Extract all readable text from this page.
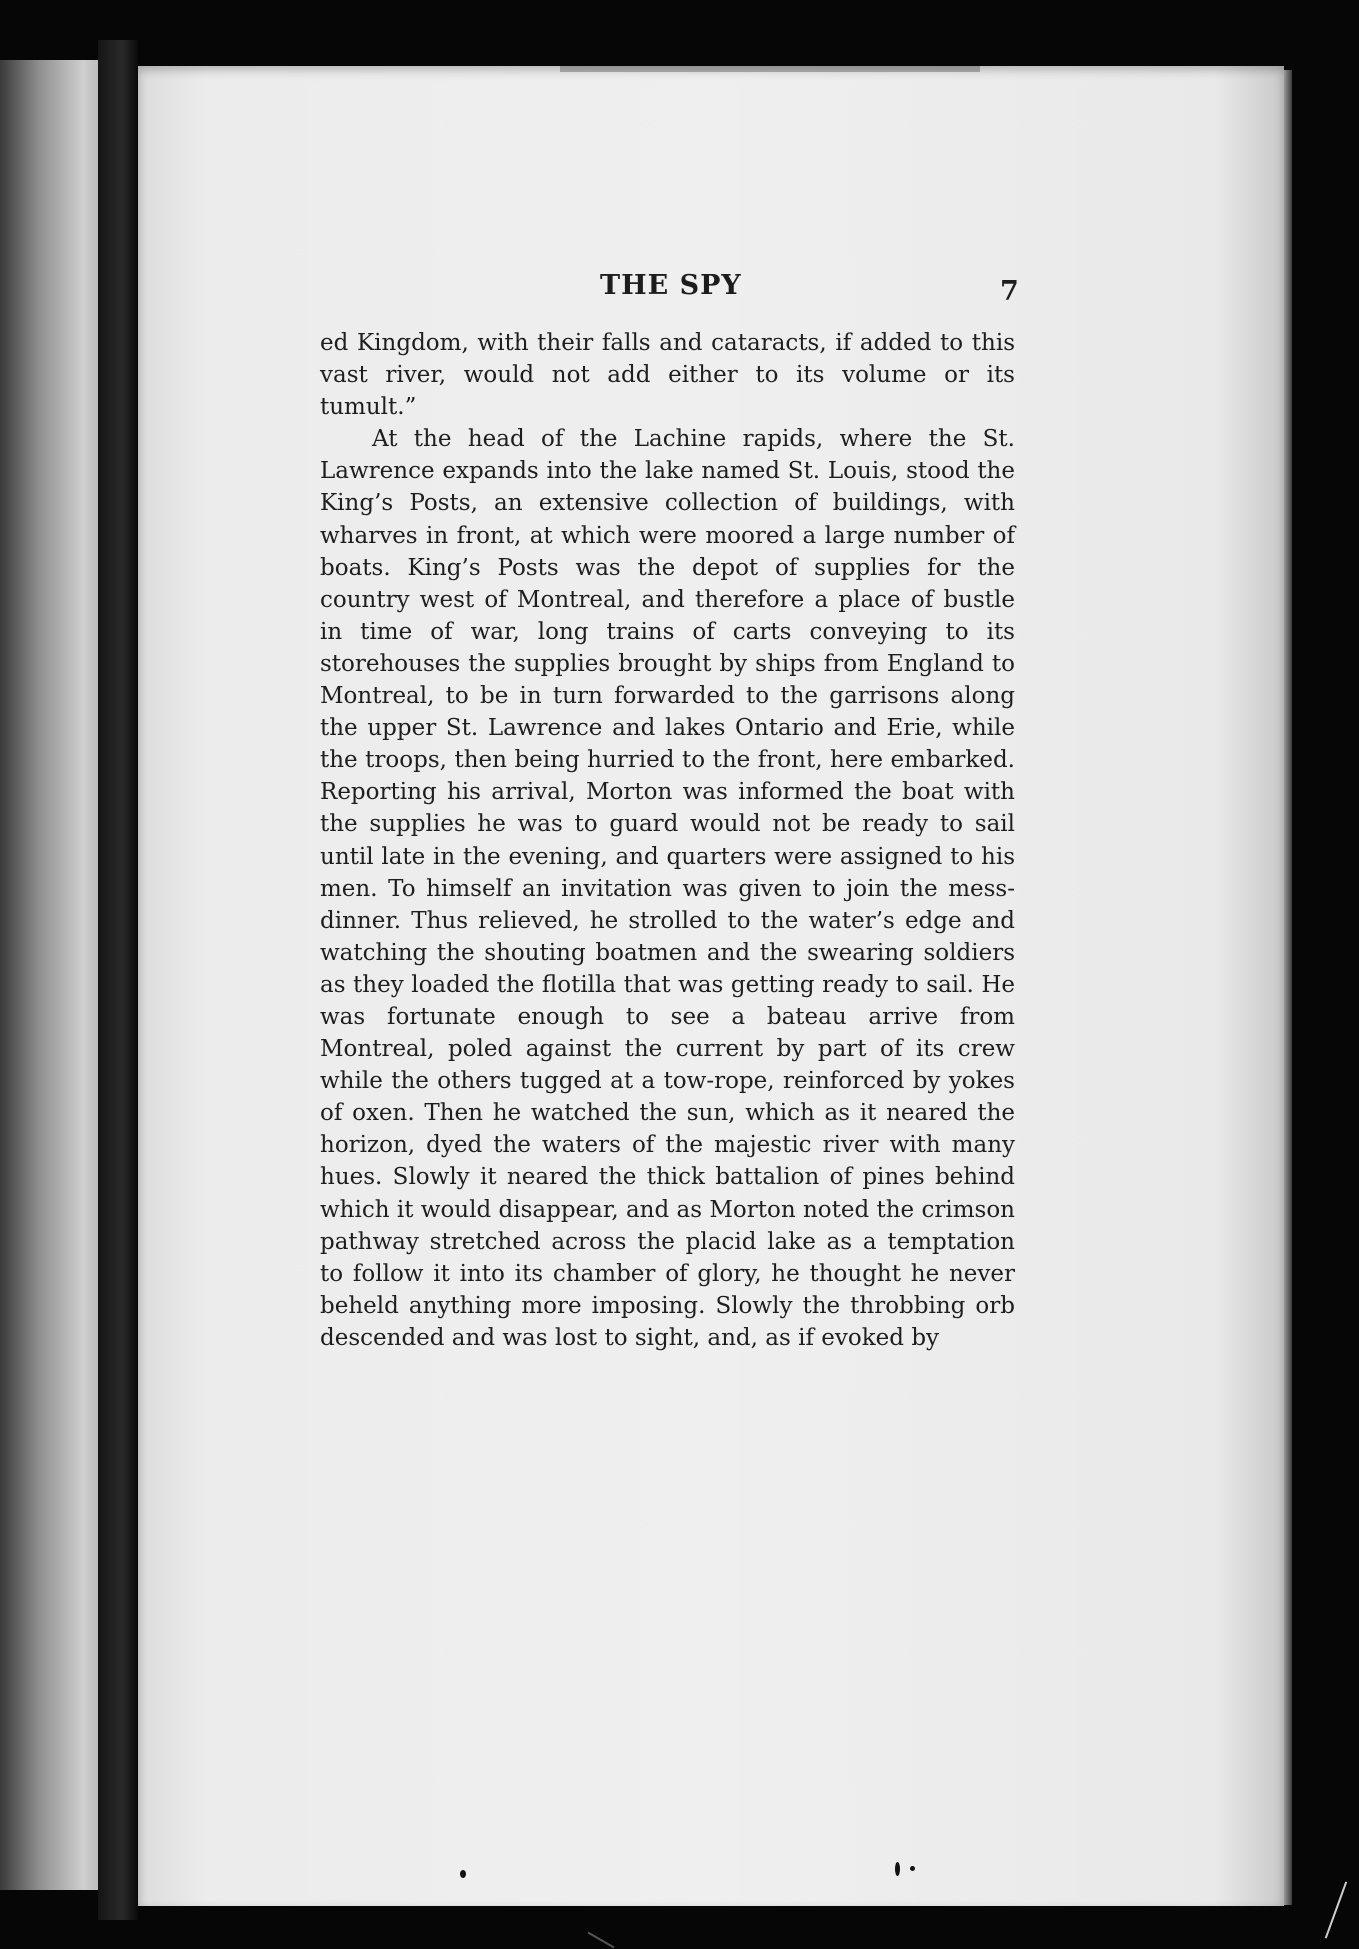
THE SPY	7

ed Kingdom, with their falls and cataracts, if added to this vast river, would not add either to its volume or its tumult.”

At the head of the Lachine rapids, where the St. Lawrence expands into the lake named St. Louis, stood the King’s Posts, an extensive collection of buildings, with wharves in front, at which were moored a large number of boats. King’s Posts was the depot of supplies for the country west of Montreal, and therefore a place of bustle in time of war, long trains of carts conveying to its storehouses the supplies brought by ships from England to Montreal, to be in turn forwarded to the garrisons along the upper St. Lawrence and lakes Ontario and Erie, while the troops, then being hurried to the front, here embarked. Reporting his arrival, Morton was informed the boat with the supplies he was to guard would not be ready to sail until late in the evening, and quarters were assigned to his men. To himself an invitation was given to join the mess-dinner. Thus relieved, he strolled to the water’s edge and watching the shouting boatmen and the swearing soldiers as they loaded the flotilla that was getting ready to sail. He was fortunate enough to see a bateau arrive from Montreal, poled against the current by part of its crew while the others tugged at a tow-rope, reinforced by yokes of oxen. Then he watched the sun, which as it neared the horizon, dyed the waters of the majestic river with many hues. Slowly it neared the thick battalion of pines behind which it would disappear, and as Morton noted the crimson pathway stretched across the placid lake as a temptation to follow it into its chamber of glory, he thought he never beheld anything more imposing. Slowly the throbbing orb descended and was lost to sight, and, as if evoked by
